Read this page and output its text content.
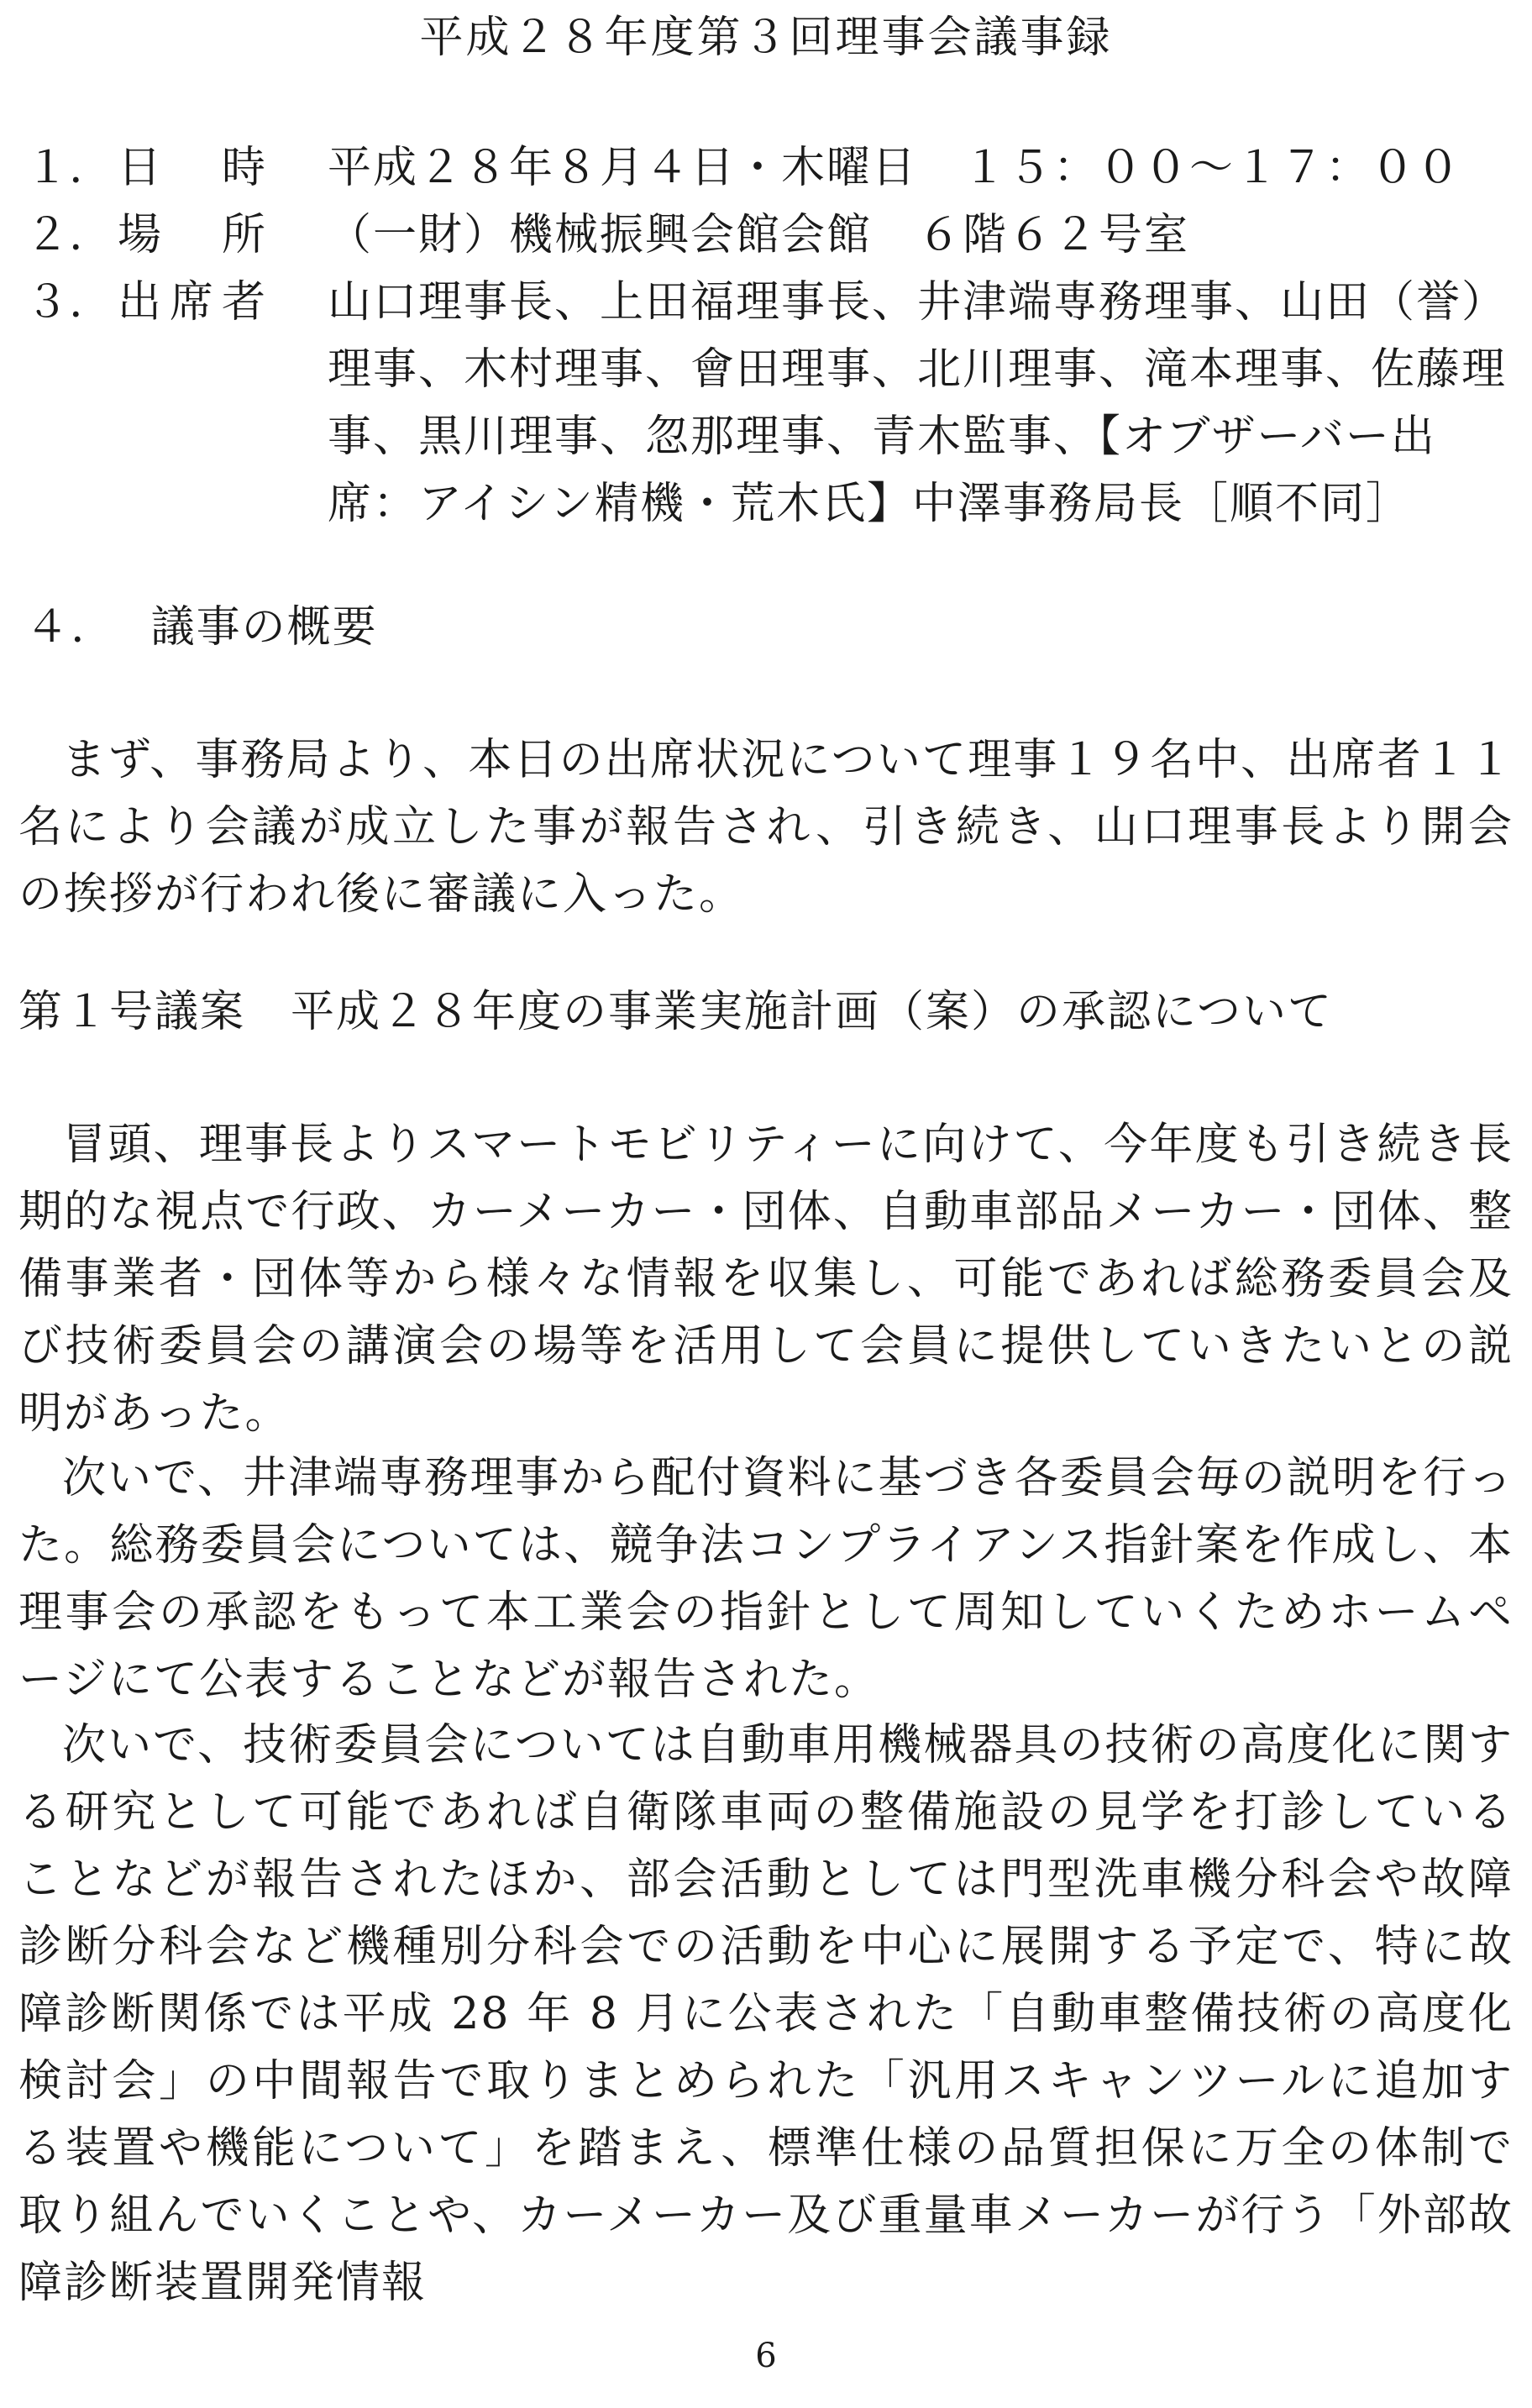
平成２８年度第３回理事会議事録
１. 日　時	平成２８年８月４日・木曜日　１５：００～１７：００
２. 場　所	（一財）機械振興会館会館　６階６２号室
３. 出席者	山口理事長、上田福理事長、井津端専務理事、山田（誉）理事、木村理事、會田理事、北川理事、滝本理事、佐藤理事、黒川理事、忽那理事、青木監事、【オブザーバー出席：アイシン精機・荒木氏】中澤事務局長［順不同］
４. 議事の概要
まず、事務局より、本日の出席状況について理事１９名中、出席者１１名により会議が成立した事が報告され、引き続き、山口理事長より開会の挨拶が行われ後に審議に入った。
第１号議案　平成２８年度の事業実施計画（案）の承認について
冒頭、理事長よりスマートモビリティーに向けて、今年度も引き続き長期的な視点で行政、カーメーカー・団体、自動車部品メーカー・団体、整備事業者・団体等から様々な情報を収集し、可能であれば総務委員会及び技術委員会の講演会の場等を活用して会員に提供していきたいとの説明があった。
次いで、井津端専務理事から配付資料に基づき各委員会毎の説明を行った。総務委員会については、競争法コンプライアンス指針案を作成し、本理事会の承認をもって本工業会の指針として周知していくためホームページにて公表することなどが報告された。
次いで、技術委員会については自動車用機械器具の技術の高度化に関する研究として可能であれば自衛隊車両の整備施設の見学を打診していることなどが報告されたほか、部会活動としては門型洗車機分科会や故障診断分科会など機種別分科会での活動を中心に展開する予定で、特に故障診断関係では平成 28 年 8 月に公表された「自動車整備技術の高度化検討会」の中間報告で取りまとめられた「汎用スキャンツールに追加する装置や機能について」を踏まえ、標準仕様の品質担保に万全の体制で取り組んでいくことや、カーメーカー及び重量車メーカーが行う「外部故障診断装置開発情報
6
